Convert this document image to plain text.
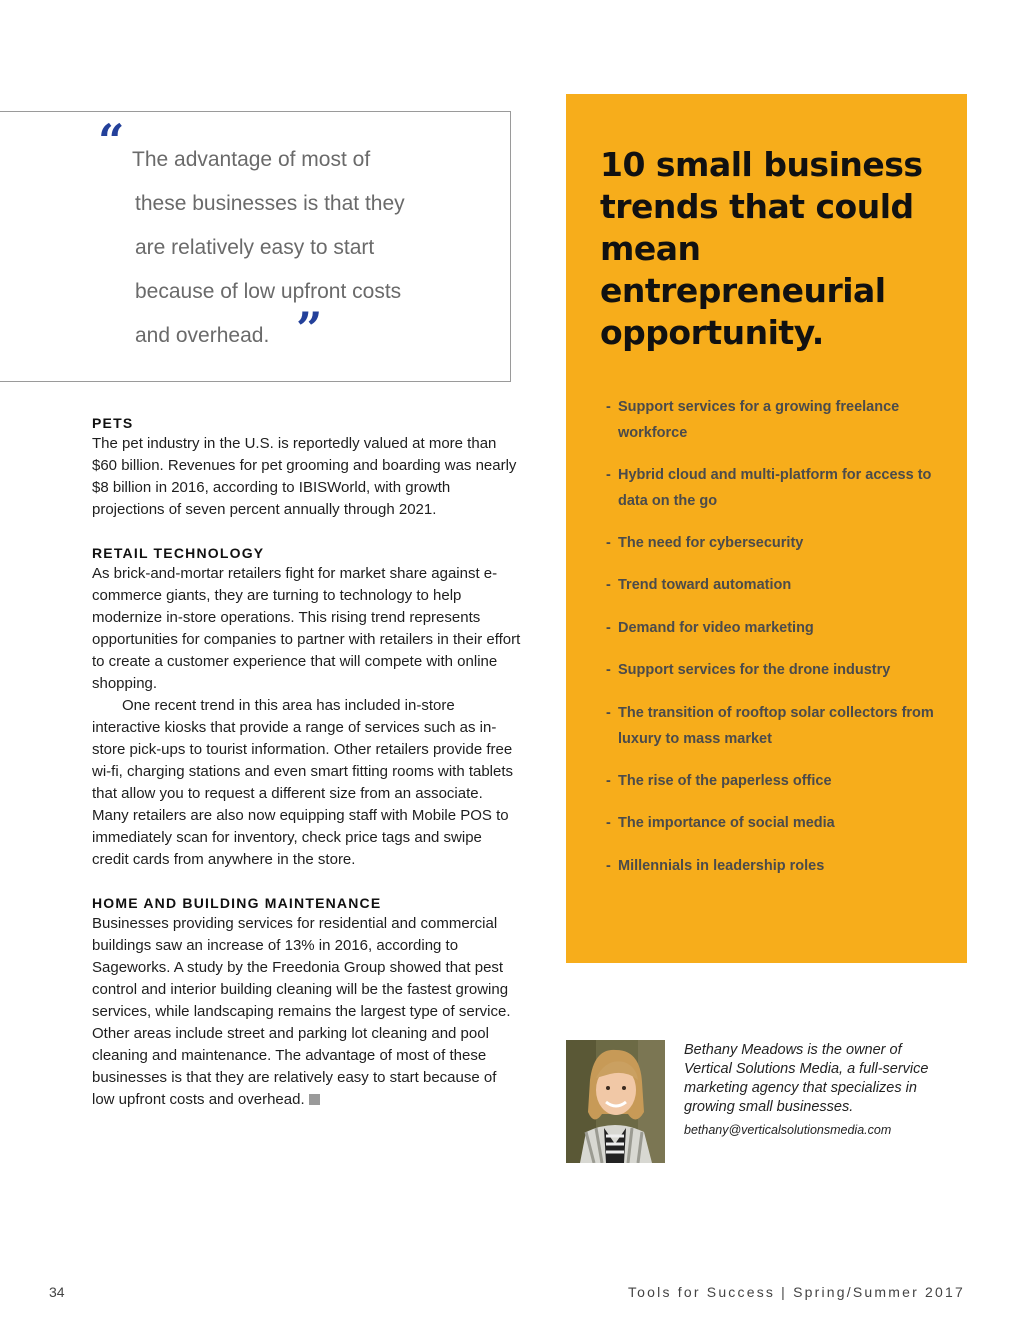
“ The advantage of most of
these businesses is that they
are relatively easy to start
because of low upfront costs
and overhead. ”
10 small business trends that could mean entrepreneurial opportunity.
- Support services for a growing freelance workforce
- Hybrid cloud and multi-platform for access to data on the go
- The need for cybersecurity
- Trend toward automation
- Demand for video marketing
- Support services for the drone industry
- The transition of rooftop solar collectors from luxury to mass market
- The rise of the paperless office
- The importance of social media
- Millennials in leadership roles
PETS

The pet industry in the U.S. is reportedly valued at more than $60 billion. Revenues for pet grooming and boarding was nearly $8 billion in 2016, according to IBISWorld, with growth projections of seven percent annually through 2021.

RETAIL TECHNOLOGY

As brick-and-mortar retailers fight for market share against e-commerce giants, they are turning to technology to help modernize in-store operations. This rising trend represents opportunities for companies to partner with retailers in their effort to create a customer experience that will compete with online shopping.

One recent trend in this area has included in-store interactive kiosks that provide a range of services such as in-store pick-ups to tourist information. Other retailers provide free wi-fi, charging stations and even smart fitting rooms with tablets that allow you to request a different size from an associate. Many retailers are also now equipping staff with Mobile POS to immediately scan for inventory, check price tags and swipe credit cards from anywhere in the store.

HOME AND BUILDING MAINTENANCE

Businesses providing services for residential and commercial buildings saw an increase of 13% in 2016, according to Sageworks. A study by the Freedonia Group showed that pest control and interior building cleaning will be the fastest growing services, while landscaping remains the largest type of service. Other areas include street and parking lot cleaning and pool cleaning and maintenance. The advantage of most of these businesses is that they are relatively easy to start because of low upfront costs and overhead.

Bethany Meadows is the owner of Vertical Solutions Media, a full-service marketing agency that specializes in growing small businesses.
bethany@verticalsolutionsmedia.com
34	Tools for Success | Spring/Summer 2017
